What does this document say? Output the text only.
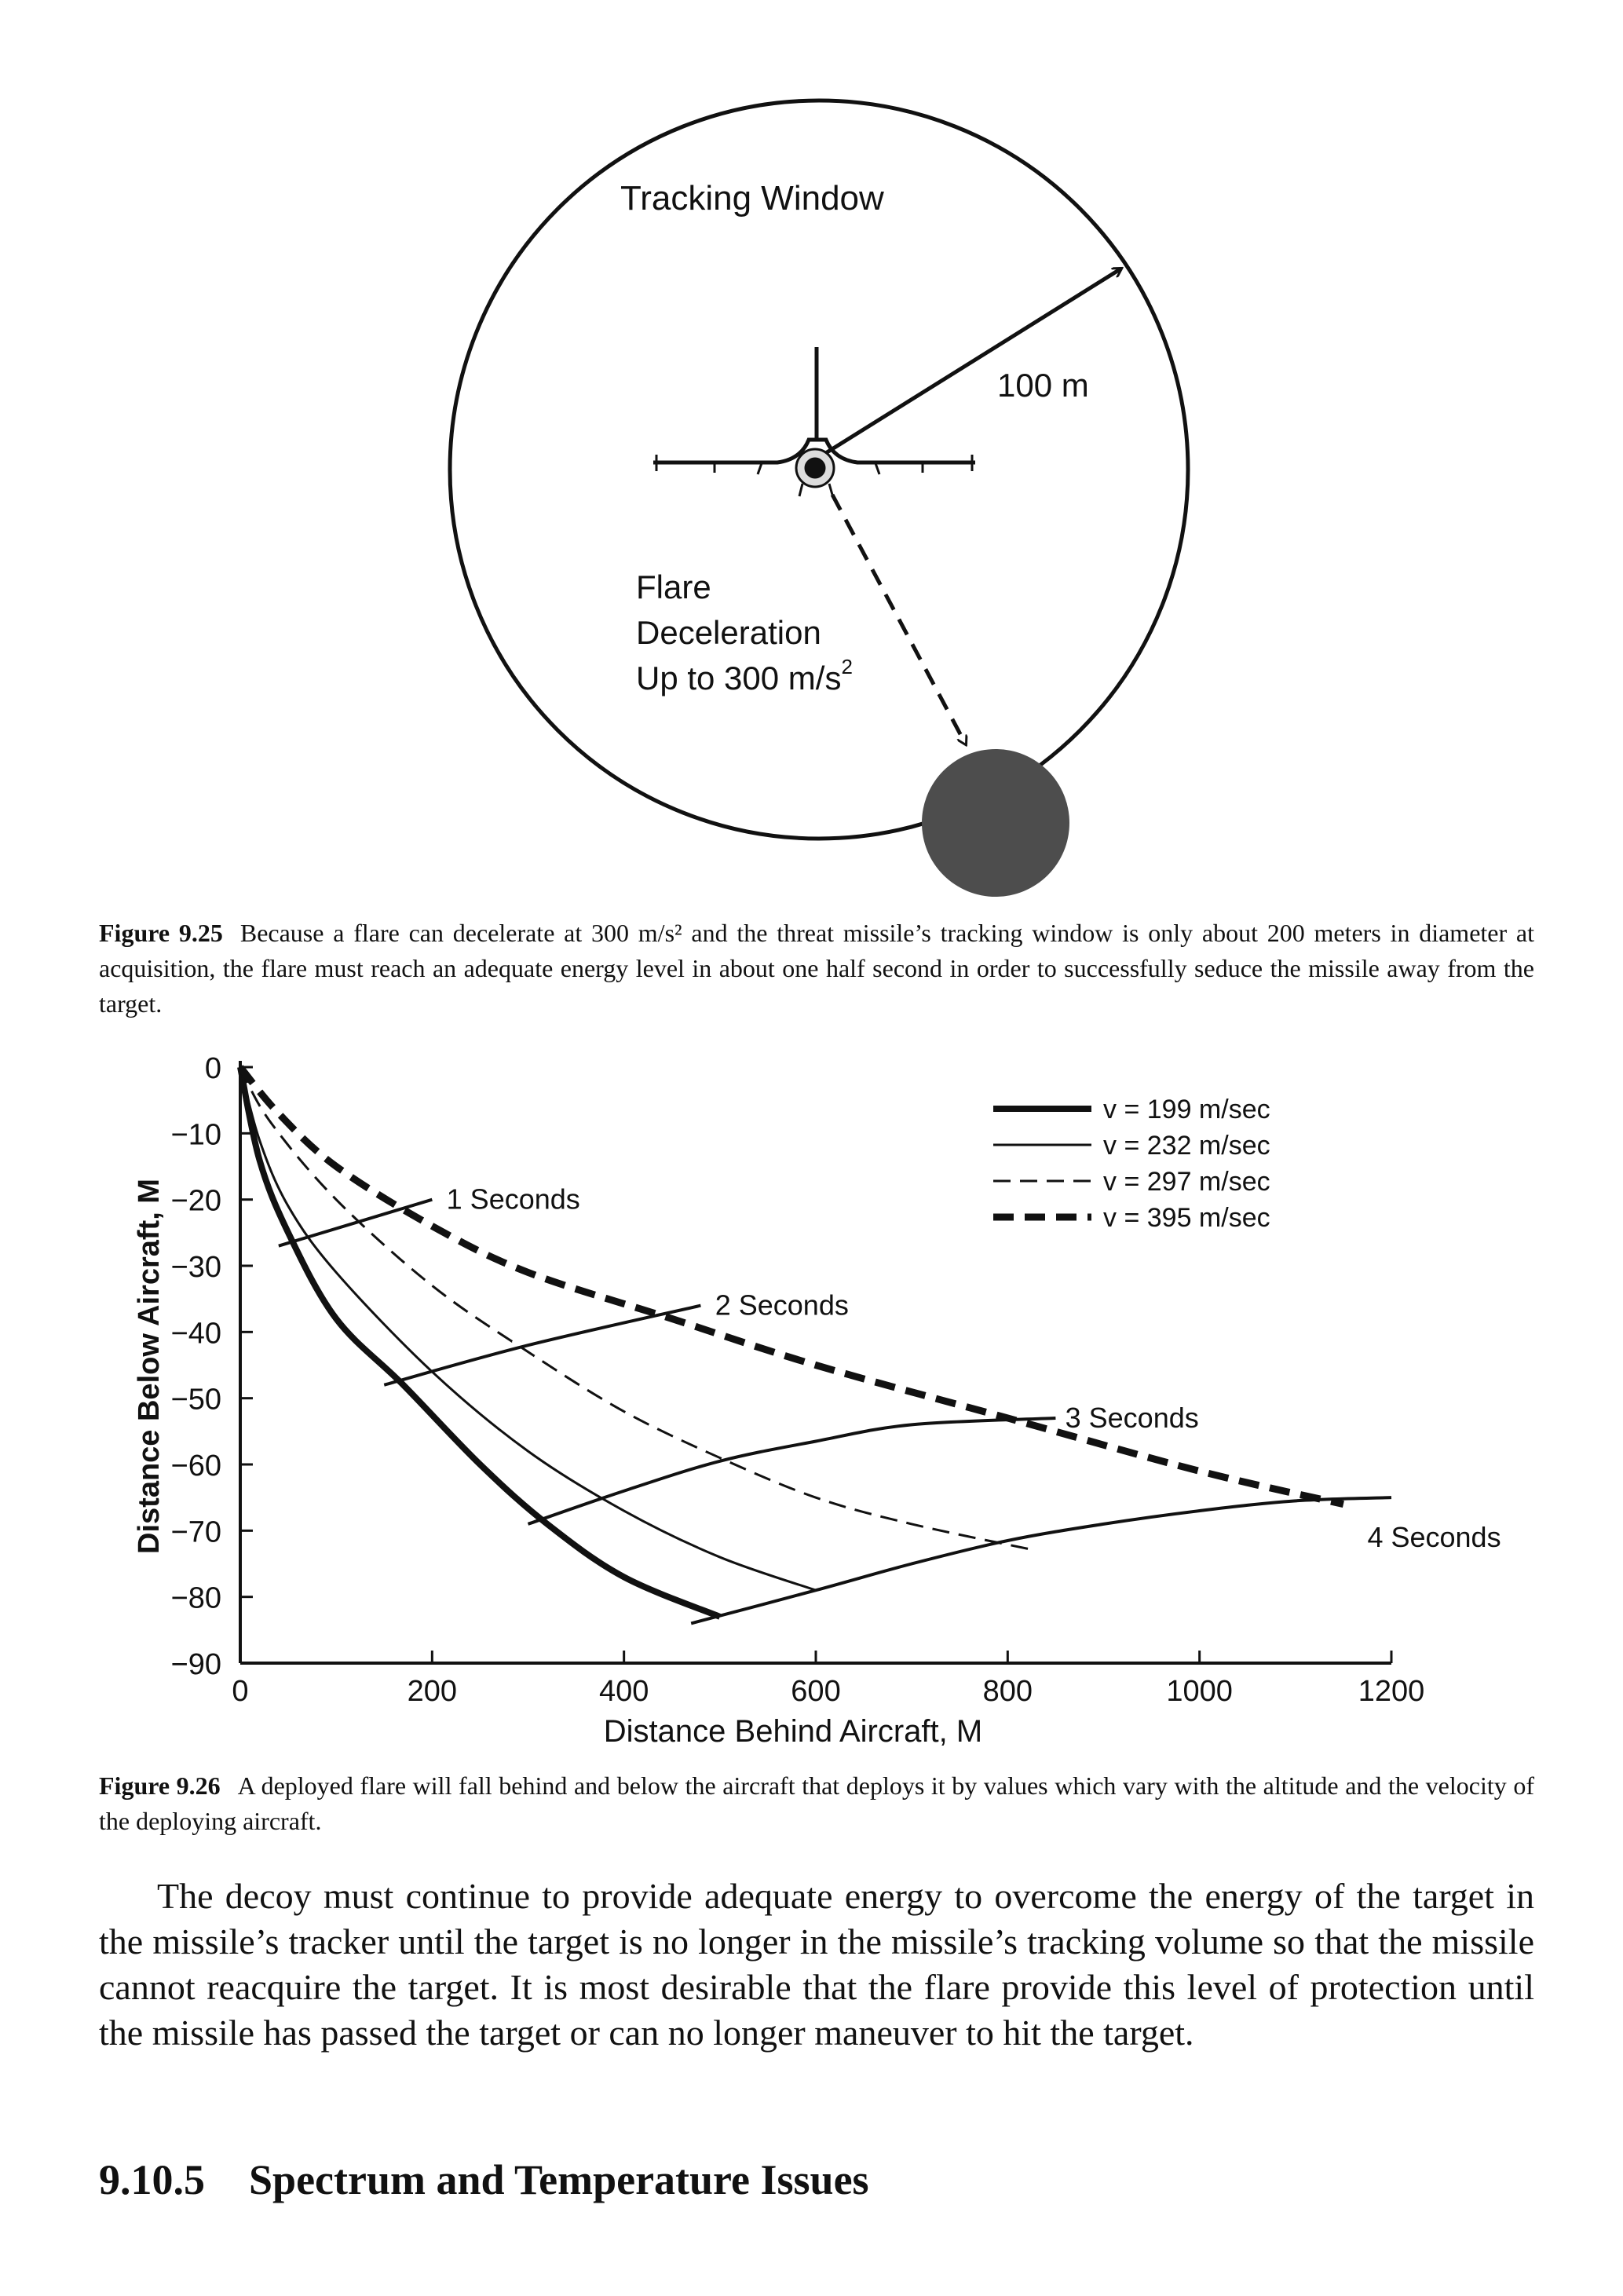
Tracking Window
100 m
Flare
Deceleration
Up to 300 $m/s^2$
Figure 9.25 Because a flare can decelerate at 300 m/s² and the threat missile’s tracking window is only about 200 meters in diameter at acquisition, the flare must reach an adequate energy level in about one half second in order to successfully seduce the missile away from the target.
0	200	400	600	800	1000	1200
0
−10
−20
−30
−40
−50
−60
−70
−80
−90
1 Seconds
2 Seconds
3 Seconds
4 Seconds
v = 199 m/sec
v = 232 m/sec
v = 297 m/sec
v = 395 m/sec
Distance Behind Aircraft, M
Distance Below Aircraft, M
Figure 9.26 A deployed flare will fall behind and below the aircraft that deploys it by values which vary with the altitude and the velocity of the deploying aircraft.

The decoy must continue to provide adequate energy to overcome the energy of the target in the missile’s tracker until the target is no longer in the missile’s tracking volume so that the missile cannot reacquire the target. It is most desirable that the flare provide this level of protection until the missile has passed the target or can no longer maneuver to hit the target.

9.10.5 Spectrum and Temperature Issues
